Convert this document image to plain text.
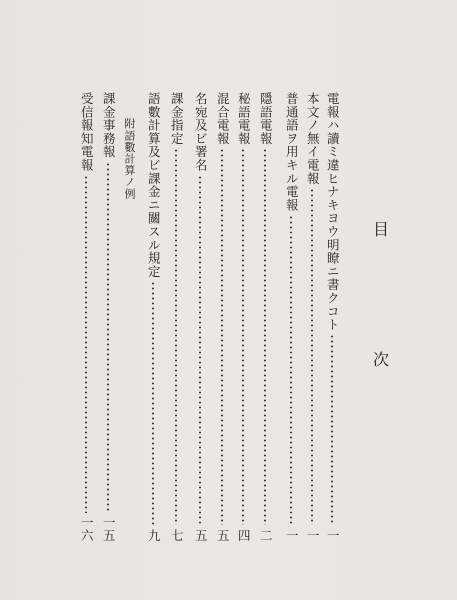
目
次
電報ハ讀ミ違ヒナキヨウ明瞭ニ書クコト
一
本文ノ無イ電報
一
普通語ヲ用キル電報
一
隱語電報
二
秘語電報
四
混合電報
五
名宛及ビ署名
五
課金指定
七
語數計算及ビ課金ニ關スル規定
九
附語數計算ノ例
課金事務報
一五
受信報知電報
一六
